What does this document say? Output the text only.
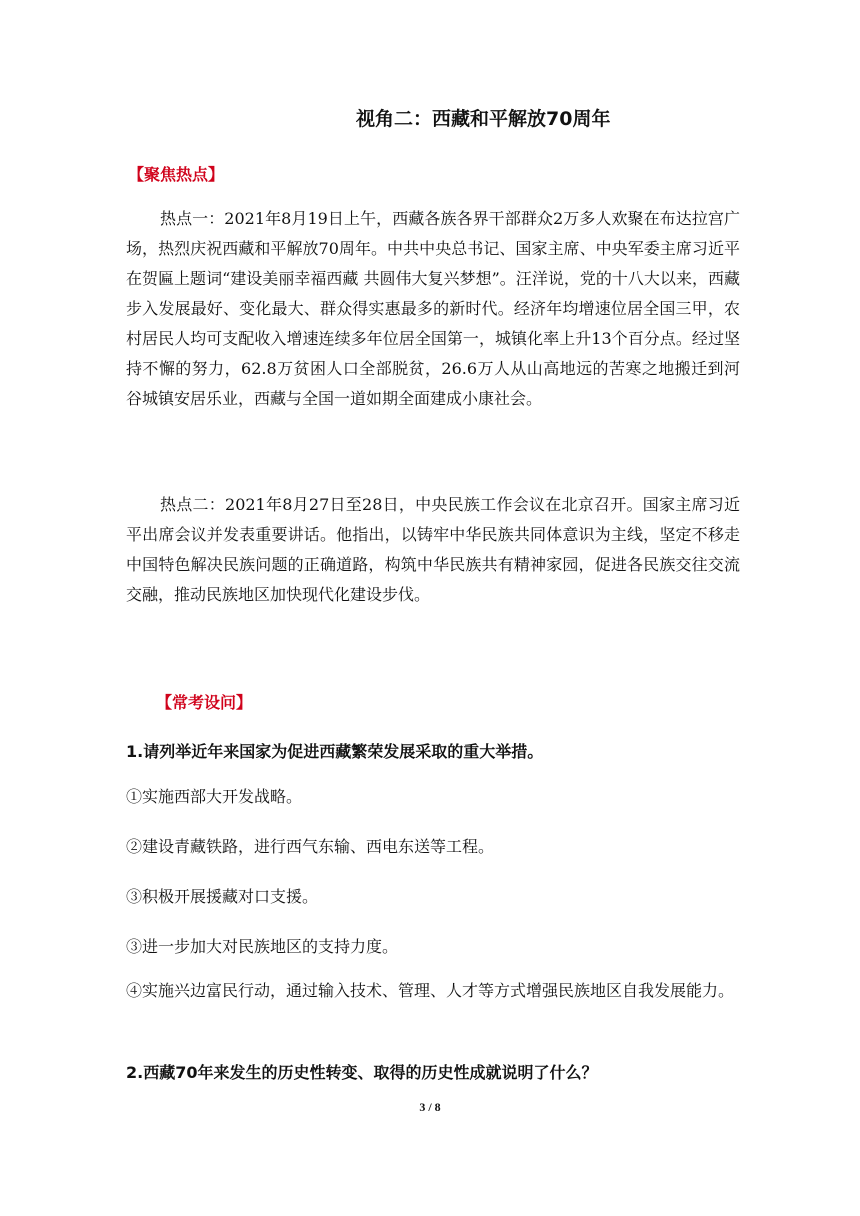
视角二：西藏和平解放70周年
【聚焦热点】

热点一：2021年8月19日上午，西藏各族各界干部群众2万多人欢聚在布达拉宫广场，热烈庆祝西藏和平解放70周年。中共中央总书记、国家主席、中央军委主席习近平在贺匾上题词“建设美丽幸福西藏 共圆伟大复兴梦想”。汪洋说，党的十八大以来，西藏步入发展最好、变化最大、群众得实惠最多的新时代。经济年均增速位居全国三甲，农村居民人均可支配收入增速连续多年位居全国第一，城镇化率上升13个百分点。经过坚持不懈的努力，62.8万贫困人口全部脱贫，26.6万人从山高地远的苦寒之地搬迁到河谷城镇安居乐业，西藏与全国一道如期全面建成小康社会。

热点二：2021年8月27日至28日，中央民族工作会议在北京召开。国家主席习近平出席会议并发表重要讲话。他指出，以铸牢中华民族共同体意识为主线，坚定不移走中国特色解决民族问题的正确道路，构筑中华民族共有精神家园，促进各民族交往交流交融，推动民族地区加快现代化建设步伐。

【常考设问】
1.请列举近年来国家为促进西藏繁荣发展采取的重大举措。
①实施西部大开发战略。
②建设青藏铁路，进行西气东输、西电东送等工程。
③积极开展援藏对口支援。
③进一步加大对民族地区的支持力度。
④实施兴边富民行动，通过输入技术、管理、人才等方式增强民族地区自我发展能力。
2.西藏70年来发生的历史性转变、取得的历史性成就说明了什么？
3 / 8
